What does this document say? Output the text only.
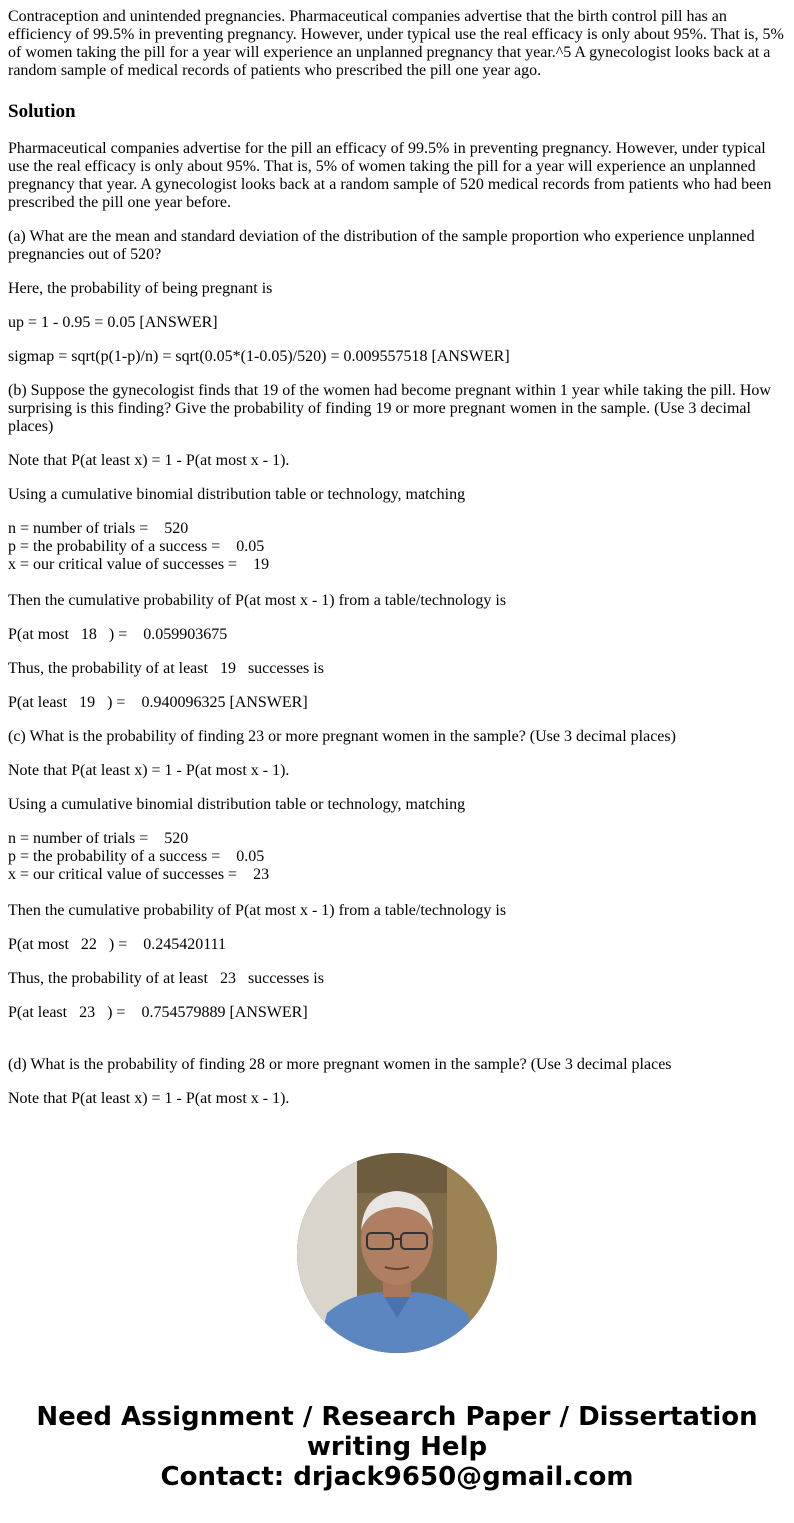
Contraception and unintended pregnancies. Pharmaceutical companies advertise that the birth control pill has an efficiency of 99.5% in preventing pregnancy. However, under typical use the real efficacy is only about 95%. That is, 5% of women taking the pill for a year will experience an unplanned pregnancy that year.^5 A gynecologist looks back at a random sample of medical records of patients who prescribed the pill one year ago.

Solution

Pharmaceutical companies advertise for the pill an efficacy of 99.5% in preventing pregnancy. However, under typical use the real efficacy is only about 95%. That is, 5% of women taking the pill for a year will experience an unplanned pregnancy that year. A gynecologist looks back at a random sample of 520 medical records from patients who had been prescribed the pill one year before.

(a) What are the mean and standard deviation of the distribution of the sample proportion who experience unplanned pregnancies out of 520?

Here, the probability of being pregnant is

up = 1 - 0.95 = 0.05 [ANSWER]

sigmap = sqrt(p(1-p)/n) = sqrt(0.05*(1-0.05)/520) = 0.009557518 [ANSWER]

(b) Suppose the gynecologist finds that 19 of the women had become pregnant within 1 year while taking the pill. How surprising is this finding? Give the probability of finding 19 or more pregnant women in the sample. (Use 3 decimal places)

Note that P(at least x) = 1 - P(at most x - 1).

Using a cumulative binomial distribution table or technology, matching

n = number of trials =    520
p = the probability of a success =    0.05
x = our critical value of successes =    19

Then the cumulative probability of P(at most x - 1) from a table/technology is

P(at most   18   ) =    0.059903675

Thus, the probability of at least   19   successes is

P(at least   19   ) =    0.940096325 [ANSWER]

(c) What is the probability of finding 23 or more pregnant women in the sample? (Use 3 decimal places)

Note that P(at least x) = 1 - P(at most x - 1).

Using a cumulative binomial distribution table or technology, matching

n = number of trials =    520
p = the probability of a success =    0.05
x = our critical value of successes =    23

Then the cumulative probability of P(at most x - 1) from a table/technology is

P(at most   22   ) =    0.245420111

Thus, the probability of at least   23   successes is

P(at least   23   ) =    0.754579889 [ANSWER]

(d) What is the probability of finding 28 or more pregnant women in the sample? (Use 3 decimal places

Note that P(at least x) = 1 - P(at most x - 1).

Need Assignment / Research Paper / Dissertation
writing Help
Contact: drjack9650@gmail.com
